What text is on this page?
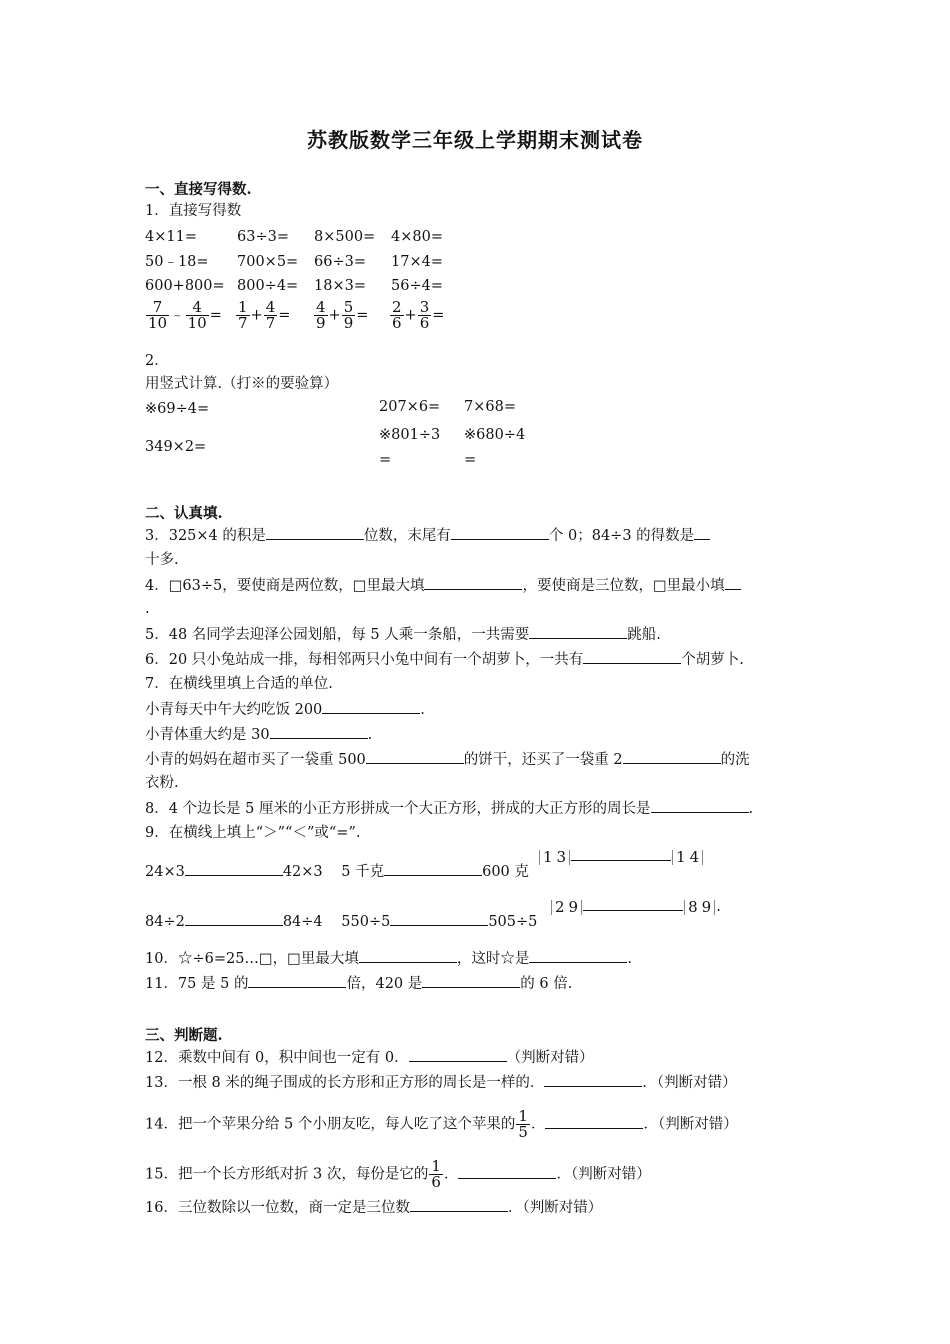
苏教版数学三年级上学期期末测试卷
一、直接写得数.
1．直接写得数
4×11=	63÷3= 8×500= 4×80=
50﹣18= 700×5= 66÷3= 17×4=
600+800= 800÷4= 18×3= 56÷4=
$\frac{7}{10}$ ﹣ $\frac{4}{10} = \frac{1}{7} + \frac{4}{7} = \frac{4}{9} + \frac{5}{9} = \frac{2}{6} + \frac{3}{6}$ =
2．
用竖式计算.（打※的要验算）
※69÷4=	207×6= 7×68=
349×2=
※801÷3
=
※680÷4
=
二、认真填.
3．325×4 的积是	位数，末尾有	个 0；84÷3 的得数是
十多.
4．□63÷5，要使商是两位数，□里最大填	，要使商是三位数，□里最小填
.
5．48 名同学去迎泽公园划船，每 5 人乘一条船，一共需要	跳船.
6．20 只小兔站成一排，每相邻两只小兔中间有一个胡萝卜，一共有	个胡萝卜.
7．在横线里填上合适的单位.
小青每天中午大约吃饭 200	.
小青体重大约是 30	.
小青的妈妈在超市买了一袋重 500	的饼干，还买了一袋重 2	的洗
衣粉.
8．4 个边长是 5 厘米的小正方形拼成一个大正方形，拼成的大正方形的周长是	.
9．在横线上填上“＞”“＜”或“=”.
24×3	42×3 5 千克	600 克
1 3	1 4
84÷2	84÷4 550÷5	505÷5
2 9	8 9 .
10．☆÷6=25…□，□里最大填	，这时☆是	.
11．75 是 5 的	倍，420 是	的 6 倍.
三、判断题.
12．乘数中间有 0，积中间也一定有 0．	（判断对错）
13．一根 8 米的绳子围成的长方形和正方形的周长是一样的．	．（判断对错）
14．把一个苹果分给 5 个小朋友吃，每人吃了这个苹果的 $\frac{1}{5}$ ．	．（判断对错）
15．把一个长方形纸对折 3 次，每份是它的 $\frac{1}{6}$ ．	．（判断对错）
16．三位数除以一位数，商一定是三位数	．（判断对错）
